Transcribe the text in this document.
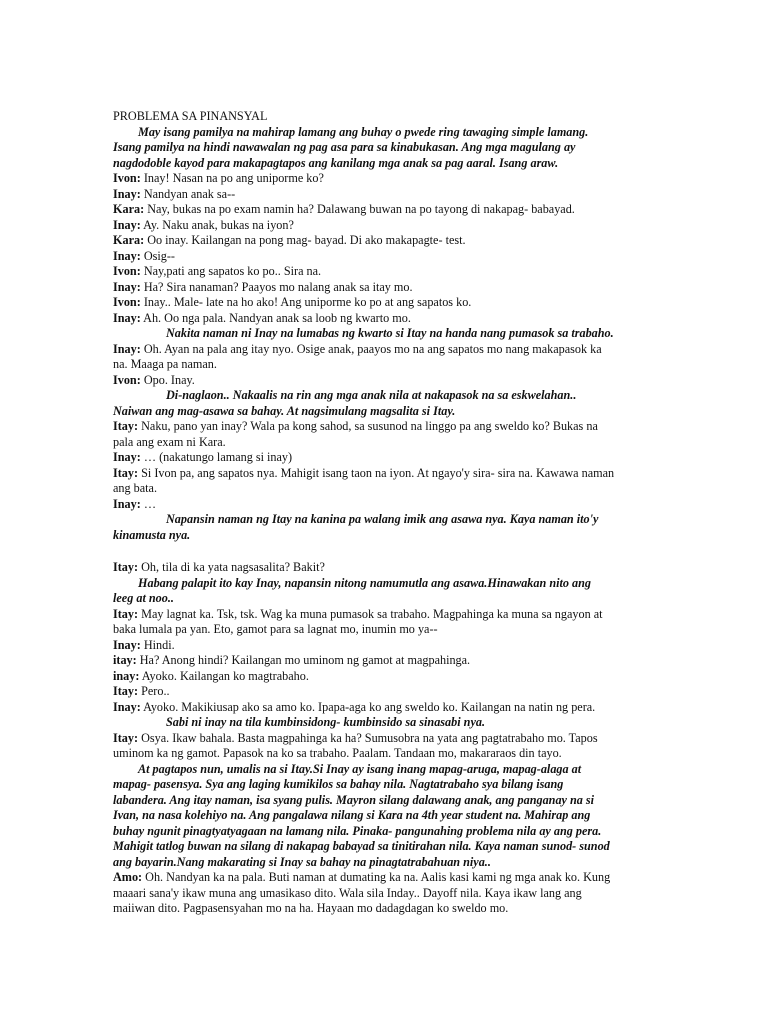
PROBLEMA SA PINANSYAL

May isang pamilya na mahirap lamang ang buhay o pwede ring tawaging simple lamang.

Isang pamilya na hindi nawawalan ng pag asa para sa kinabukasan. Ang mga magulang ay

nagdodoble kayod para makapagtapos ang kanilang mga anak sa pag aaral. Isang araw.

Ivon: Inay! Nasan na po ang uniporme ko?

Inay: Nandyan anak sa--

Kara: Nay, bukas na po exam namin ha? Dalawang buwan na po tayong di nakapag- babayad.

Inay: Ay. Naku anak, bukas na iyon?

Kara: Oo inay. Kailangan na pong mag- bayad. Di ako makapagte- test.

Inay: Osig--

Ivon: Nay,pati ang sapatos ko po.. Sira na.

Inay: Ha? Sira nanaman? Paayos mo nalang anak sa itay mo.

Ivon: Inay.. Male- late na ho ako! Ang uniporme ko po at ang sapatos ko.

Inay: Ah. Oo nga pala. Nandyan anak sa loob ng kwarto mo.

Nakita naman ni Inay na lumabas ng kwarto si Itay na handa nang pumasok sa trabaho.

Inay: Oh. Ayan na pala ang itay nyo. Osige anak, paayos mo na ang sapatos mo nang makapasok ka

na. Maaga pa naman.

Ivon: Opo. Inay.

Di-naglaon.. Nakaalis na rin ang mga anak nila at nakapasok na sa eskwelahan..

Naiwan ang mag-asawa sa bahay. At nagsimulang magsalita si Itay.

Itay: Naku, pano yan inay? Wala pa kong sahod, sa susunod na linggo pa ang sweldo ko? Bukas na

pala ang exam ni Kara.

Inay: … (nakatungo lamang si inay)

Itay: Si Ivon pa, ang sapatos nya. Mahigit isang taon na iyon. At ngayo'y sira- sira na. Kawawa naman

ang bata.

Inay: …

Napansin naman ng Itay na kanina pa walang imik ang asawa nya. Kaya naman ito'y

kinamusta nya.

Itay: Oh, tila di ka yata nagsasalita? Bakit?

Habang palapit ito kay Inay, napansin nitong namumutla ang asawa.Hinawakan nito ang

leeg at noo..

Itay: May lagnat ka. Tsk, tsk. Wag ka muna pumasok sa trabaho. Magpahinga ka muna sa ngayon at

baka lumala pa yan. Eto, gamot para sa lagnat mo, inumin mo ya--

Inay: Hindi.

itay: Ha? Anong hindi? Kailangan mo uminom ng gamot at magpahinga.

inay: Ayoko. Kailangan ko magtrabaho.

Itay: Pero..

Inay: Ayoko. Makikiusap ako sa amo ko. Ipapa-aga ko ang sweldo ko. Kailangan na natin ng pera.

Sabi ni inay na tila kumbinsidong- kumbinsido sa sinasabi nya.

Itay: Osya. Ikaw bahala. Basta magpahinga ka ha? Sumusobra na yata ang pagtatrabaho mo. Tapos

uminom ka ng gamot. Papasok na ko sa trabaho. Paalam. Tandaan mo, makararaos din tayo.

At pagtapos nun, umalis na si Itay.Si Inay ay isang inang mapag-aruga, mapag-alaga at

mapag- pasensya. Sya ang laging kumikilos sa bahay nila. Nagtatrabaho sya bilang isang

labandera. Ang itay naman, isa syang pulis. Mayron silang dalawang anak, ang panganay na si

Ivan, na nasa kolehiyo na. Ang pangalawa nilang si Kara na 4th year student na. Mahirap ang

buhay ngunit pinagtyatyagaan na lamang nila. Pinaka- pangunahing problema nila ay ang pera.

Mahigit tatlog buwan na silang di nakapag babayad sa tinitirahan nila. Kaya naman sunod- sunod

ang bayarin.Nang makarating si Inay sa bahay na pinagtatrabahuan niya..

Amo: Oh. Nandyan ka na pala. Buti naman at dumating ka na. Aalis kasi kami ng mga anak ko. Kung

maaari sana'y ikaw muna ang umasikaso dito. Wala sila Inday.. Dayoff nila. Kaya ikaw lang ang

maiiwan dito. Pagpasensyahan mo na ha. Hayaan mo dadagdagan ko sweldo mo.
